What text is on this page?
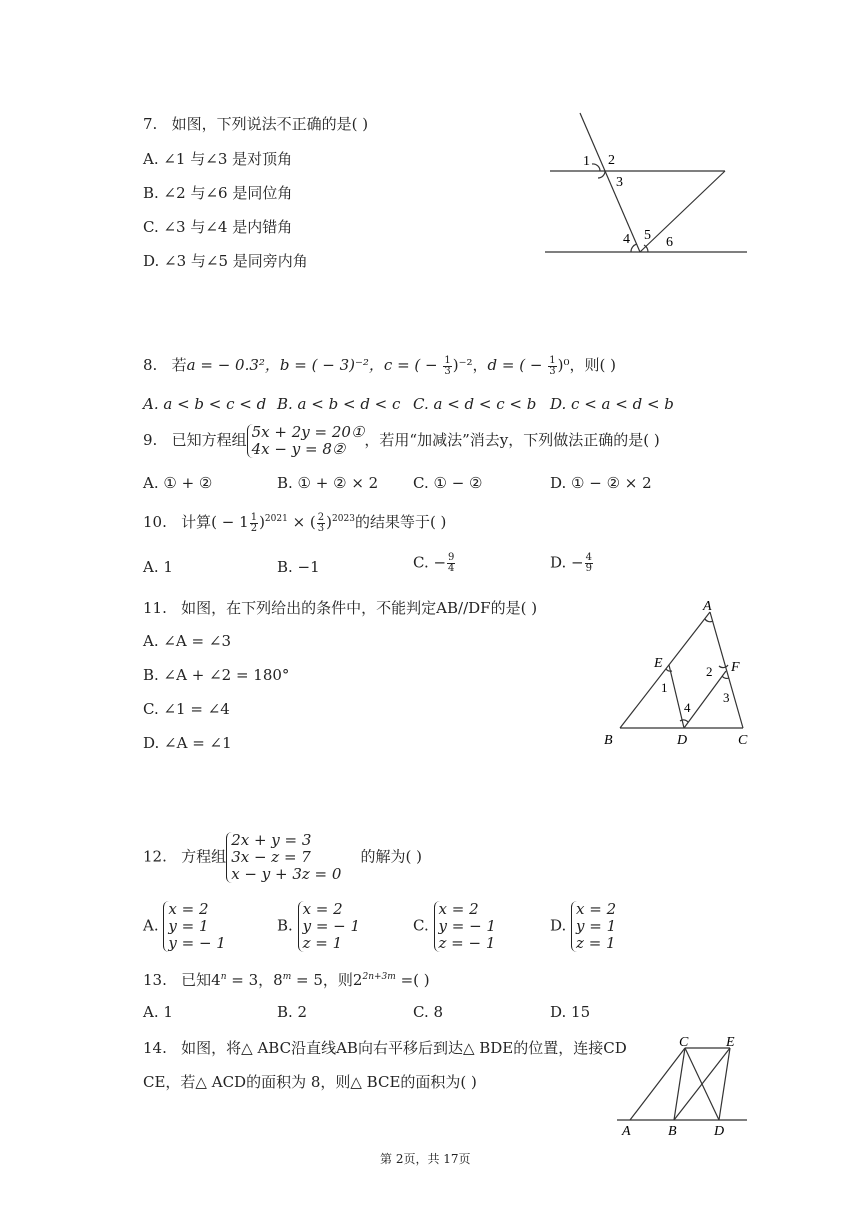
7. 如图，下列说法不正确的是( )
A. ∠1 与∠3 是对顶角
B. ∠2 与∠6 是同位角
C. ∠3 与∠4 是内错角
D. ∠3 与∠5 是同旁内角
1 2
3
4 5 6
8. 若a = − 0.3²，b = ( − 3)⁻²，c = ( − $\frac{1}{3} )^{-2}$，d = ( − $\frac{1}{3} )^0$，则( )
A. a < b < c < d B. a < b < d < c C. a < d < c < b D. c < a < d < b
9. 已知方程组 5x + 2y = 20①
4x − y = 8②	，若用“加减法”消去y，下列做法正确的是( )
A. ① + ②	B. ① + ② × 2 C. ① − ②	D. ① − ② × 2
10. 计算( − $1 \frac{1}{2} )^{2021}$ × ( $\frac{2}{3} )^{2023}$的结果等于( )
A. 1	B. −1	C. − $\frac{9}{4}$	D. − $\frac{4}{9}$
11. 如图，在下列给出的条件中，不能判定AB//DF的是( )
A. ∠A = ∠3
B. ∠A + ∠2 = 180°
C. ∠1 = ∠4
D. ∠A = ∠1
A
E	F
B	D	C
1
2
3
4
12. 方程组
2x + y = 3
3x − z = 7
x − y + 3z = 0
的解为( )
A.
x = 2
y = 1
y = − 1
B.
x = 2
y = − 1
z = 1
C.
x = 2
y = − 1
z = − 1
D.
x = 2
y = 1
z = 1
13. 已知$4^n = 3$，$8^m = 5$，则$2^{2n+3m}$ =( )
A. 1	B. 2	C. 8	D. 15
14. 如图，将△ ABC沿直线AB向右平移后到达△ BDE的位置，连接CD
CE，若△ ACD的面积为 8，则△ BCE的面积为( )
C	E
A	B	D
第 2页，共 17页
